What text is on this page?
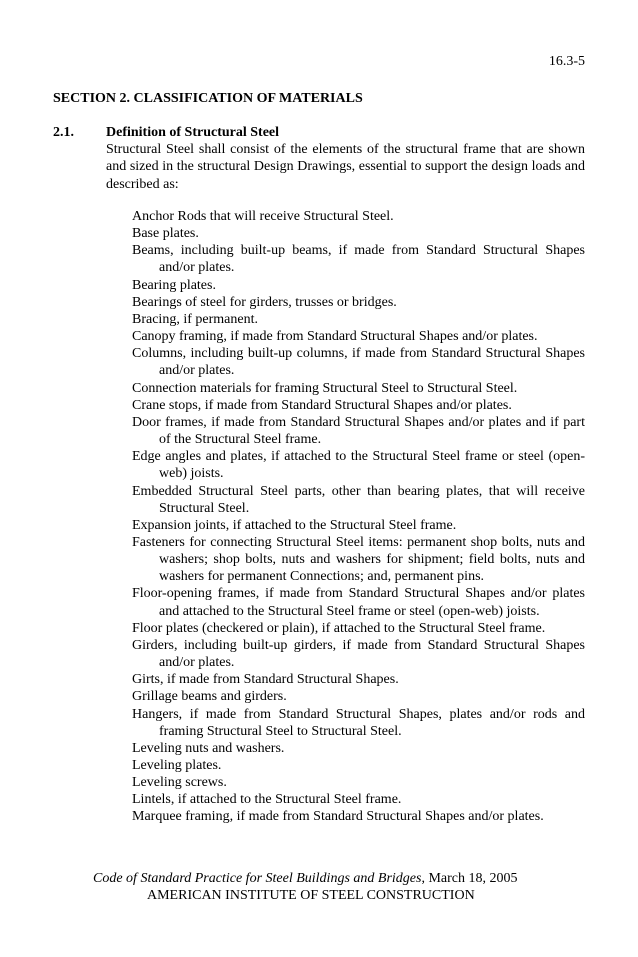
16.3-5
SECTION 2. CLASSIFICATION OF MATERIALS
2.1. Definition of Structural Steel

Structural Steel shall consist of the elements of the structural frame that are shown and sized in the structural Design Drawings, essential to support the design loads and described as:

Anchor Rods that will receive Structural Steel.
Base plates.
Beams, including built-up beams, if made from Standard Structural Shapes and/or plates.
Bearing plates.
Bearings of steel for girders, trusses or bridges.
Bracing, if permanent.
Canopy framing, if made from Standard Structural Shapes and/or plates.
Columns, including built-up columns, if made from Standard Structural Shapes and/or plates.
Connection materials for framing Structural Steel to Structural Steel.
Crane stops, if made from Standard Structural Shapes and/or plates.
Door frames, if made from Standard Structural Shapes and/or plates and if part of the Structural Steel frame.
Edge angles and plates, if attached to the Structural Steel frame or steel (open-web) joists.
Embedded Structural Steel parts, other than bearing plates, that will receive Structural Steel.
Expansion joints, if attached to the Structural Steel frame.
Fasteners for connecting Structural Steel items: permanent shop bolts, nuts and washers; shop bolts, nuts and washers for shipment; field bolts, nuts and washers for permanent Connections; and, permanent pins.
Floor-opening frames, if made from Standard Structural Shapes and/or plates and attached to the Structural Steel frame or steel (open-web) joists.
Floor plates (checkered or plain), if attached to the Structural Steel frame.
Girders, including built-up girders, if made from Standard Structural Shapes and/or plates.
Girts, if made from Standard Structural Shapes.
Grillage beams and girders.
Hangers, if made from Standard Structural Shapes, plates and/or rods and framing Structural Steel to Structural Steel.
Leveling nuts and washers.
Leveling plates.
Leveling screws.
Lintels, if attached to the Structural Steel frame.
Marquee framing, if made from Standard Structural Shapes and/or plates.
Code of Standard Practice for Steel Buildings and Bridges, March 18, 2005
AMERICAN INSTITUTE OF STEEL CONSTRUCTION
